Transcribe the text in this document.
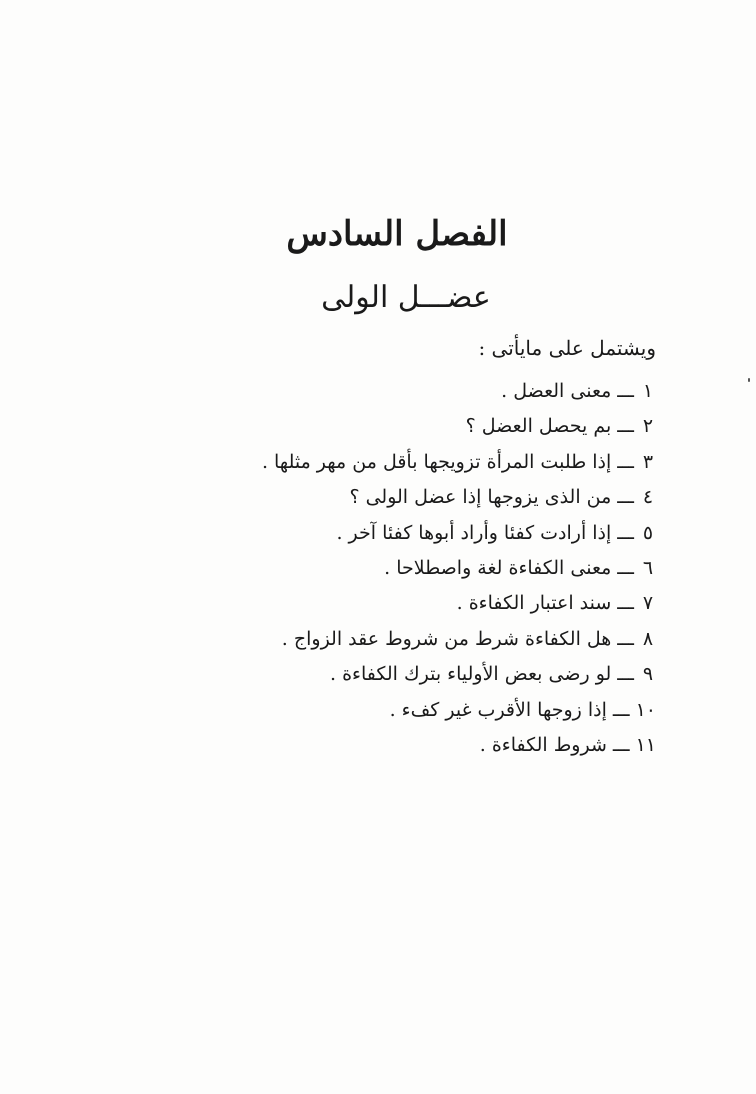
الفصل السادس
عضـــل الولى

ويشتمل على مايأتى :

١ـــمعنى العضل .
٢ـــبم يحصل العضل ؟
٣ـــإذا طلبت المرأة تزويجها بأقل من مهر مثلها .
٤ـــمن الذى يزوجها إذا عضل الولى ؟
٥ـــإذا أرادت كفئا وأراد أبوها كفئا آخر .
٦ـــمعنى الكفاءة لغة واصطلاحا .
٧ـــسند اعتبار الكفاءة .
٨ـــهل الكفاءة شرط من شروط عقد الزواج .
٩ـــلو رضى بعض الأولياء بترك الكفاءة .
١٠ـــإذا زوجها الأقرب غير كفء .
١١ـــشروط الكفاءة .
